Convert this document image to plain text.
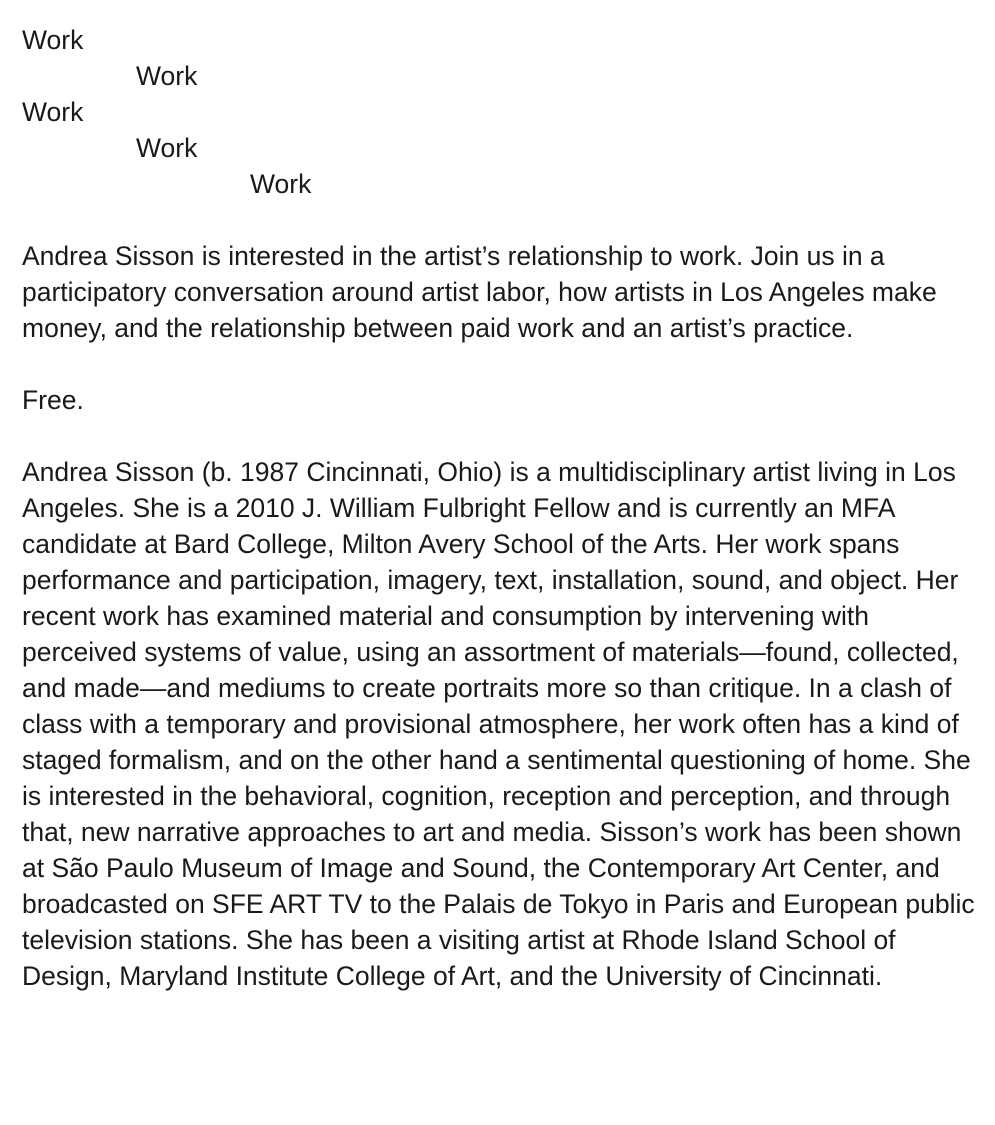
Work
Work
Work
Work
Work

Andrea Sisson is interested in the artist’s relationship to work. Join us in a participatory conversation around artist labor, how artists in Los Angeles make money, and the relationship between paid work and an artist’s practice.

Free.

Andrea Sisson (b. 1987 Cincinnati, Ohio) is a multidisciplinary artist living in Los Angeles. She is a 2010 J. William Fulbright Fellow and is currently an MFA candidate at Bard College, Milton Avery School of the Arts. Her work spans performance and participation, imagery, text, installation, sound, and object. Her recent work has examined material and consumption by intervening with perceived systems of value, using an assortment of materials—found, collected, and made—and mediums to create portraits more so than critique. In a clash of class with a temporary and provisional atmosphere, her work often has a kind of staged formalism, and on the other hand a sentimental questioning of home. She is interested in the behavioral, cognition, reception and perception, and through that, new narrative approaches to art and media. Sisson’s work has been shown at São Paulo Museum of Image and Sound, the Contemporary Art Center, and broadcasted on SFE ART TV to the Palais de Tokyo in Paris and European public television stations. She has been a visiting artist at Rhode Island School of Design, Maryland Institute College of Art, and the University of Cincinnati.
